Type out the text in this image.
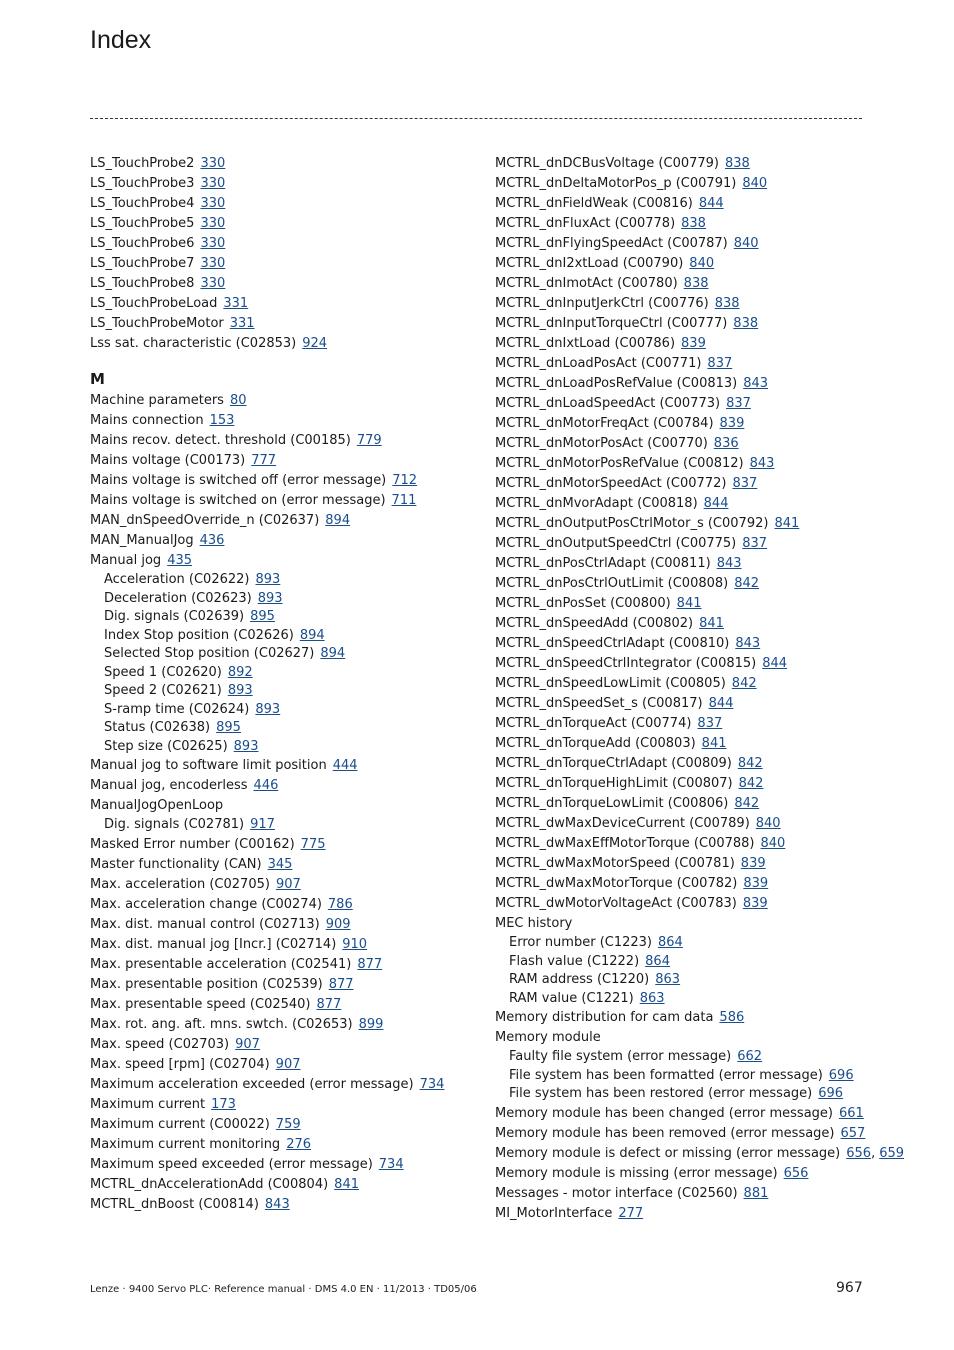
Index
LS_TouchProbe2 330
LS_TouchProbe3 330
LS_TouchProbe4 330
LS_TouchProbe5 330
LS_TouchProbe6 330
LS_TouchProbe7 330
LS_TouchProbe8 330
LS_TouchProbeLoad 331
LS_TouchProbeMotor 331
Lss sat. characteristic (C02853) 924
M
Machine parameters 80
Mains connection 153
Mains recov. detect. threshold (C00185) 779
Mains voltage (C00173) 777
Mains voltage is switched off (error message) 712
Mains voltage is switched on (error message) 711
MAN_dnSpeedOverride_n (C02637) 894
MAN_ManualJog 436
Manual jog 435
Acceleration (C02622) 893
Deceleration (C02623) 893
Dig. signals (C02639) 895
Index Stop position (C02626) 894
Selected Stop position (C02627) 894
Speed 1 (C02620) 892
Speed 2 (C02621) 893
S-ramp time (C02624) 893
Status (C02638) 895
Step size (C02625) 893
Manual jog to software limit position 444
Manual jog, encoderless 446
ManualJogOpenLoop
Dig. signals (C02781) 917
Masked Error number (C00162) 775
Master functionality (CAN) 345
Max. acceleration (C02705) 907
Max. acceleration change (C00274) 786
Max. dist. manual control (C02713) 909
Max. dist. manual jog [Incr.] (C02714) 910
Max. presentable acceleration (C02541) 877
Max. presentable position (C02539) 877
Max. presentable speed (C02540) 877
Max. rot. ang. aft. mns. swtch. (C02653) 899
Max. speed (C02703) 907
Max. speed [rpm] (C02704) 907
Maximum acceleration exceeded (error message) 734
Maximum current 173
Maximum current (C00022) 759
Maximum current monitoring 276
Maximum speed exceeded (error message) 734
MCTRL_dnAccelerationAdd (C00804) 841
MCTRL_dnBoost (C00814) 843
MCTRL_dnDCBusVoltage (C00779) 838
MCTRL_dnDeltaMotorPos_p (C00791) 840
MCTRL_dnFieldWeak (C00816) 844
MCTRL_dnFluxAct (C00778) 838
MCTRL_dnFlyingSpeedAct (C00787) 840
MCTRL_dnI2xtLoad (C00790) 840
MCTRL_dnImotAct (C00780) 838
MCTRL_dnInputJerkCtrl (C00776) 838
MCTRL_dnInputTorqueCtrl (C00777) 838
MCTRL_dnIxtLoad (C00786) 839
MCTRL_dnLoadPosAct (C00771) 837
MCTRL_dnLoadPosRefValue (C00813) 843
MCTRL_dnLoadSpeedAct (C00773) 837
MCTRL_dnMotorFreqAct (C00784) 839
MCTRL_dnMotorPosAct (C00770) 836
MCTRL_dnMotorPosRefValue (C00812) 843
MCTRL_dnMotorSpeedAct (C00772) 837
MCTRL_dnMvorAdapt (C00818) 844
MCTRL_dnOutputPosCtrlMotor_s (C00792) 841
MCTRL_dnOutputSpeedCtrl (C00775) 837
MCTRL_dnPosCtrlAdapt (C00811) 843
MCTRL_dnPosCtrlOutLimit (C00808) 842
MCTRL_dnPosSet (C00800) 841
MCTRL_dnSpeedAdd (C00802) 841
MCTRL_dnSpeedCtrlAdapt (C00810) 843
MCTRL_dnSpeedCtrlIntegrator (C00815) 844
MCTRL_dnSpeedLowLimit (C00805) 842
MCTRL_dnSpeedSet_s (C00817) 844
MCTRL_dnTorqueAct (C00774) 837
MCTRL_dnTorqueAdd (C00803) 841
MCTRL_dnTorqueCtrlAdapt (C00809) 842
MCTRL_dnTorqueHighLimit (C00807) 842
MCTRL_dnTorqueLowLimit (C00806) 842
MCTRL_dwMaxDeviceCurrent (C00789) 840
MCTRL_dwMaxEffMotorTorque (C00788) 840
MCTRL_dwMaxMotorSpeed (C00781) 839
MCTRL_dwMaxMotorTorque (C00782) 839
MCTRL_dwMotorVoltageAct (C00783) 839
MEC history
Error number (C1223) 864
Flash value (C1222) 864
RAM address (C1220) 863
RAM value (C1221) 863
Memory distribution for cam data 586
Memory module
Faulty file system (error message) 662
File system has been formatted (error message) 696
File system has been restored (error message) 696
Memory module has been changed (error message) 661
Memory module has been removed (error message) 657
Memory module is defect or missing (error message) 656, 659
Memory module is missing (error message) 656
Messages - motor interface (C02560) 881
MI_MotorInterface 277
Lenze · 9400 Servo PLC· Reference manual · DMS 4.0 EN · 11/2013 · TD05/06	967
